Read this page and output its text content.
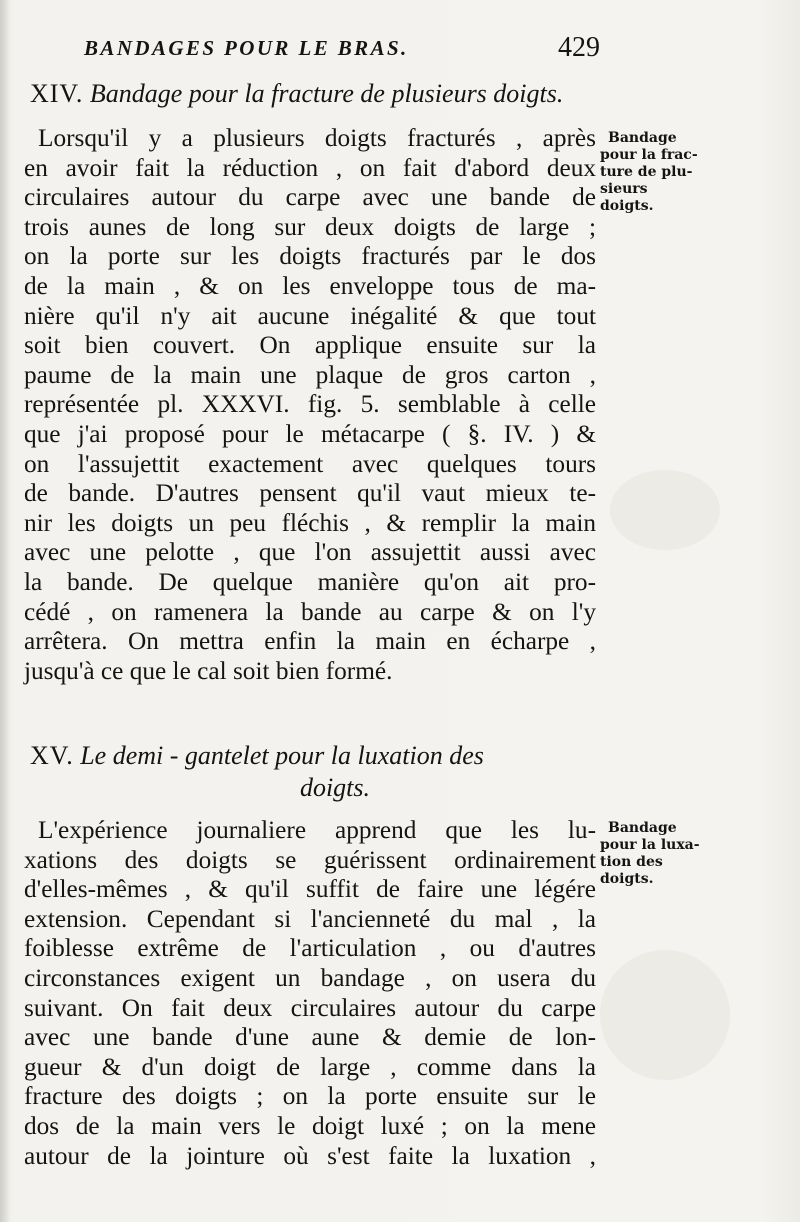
BANDAGES POUR LE BRAS.	429
XIV. Bandage pour la fracture de plusieurs doigts.
Bandage
pour la frac-
ture de plu-
sieurs doigts.
Lorsqu'il y a plusieurs doigts fracturés , après
en avoir fait la réduction , on fait d'abord deux
circulaires autour du carpe avec une bande de
trois aunes de long sur deux doigts de large ;
on la porte sur les doigts fracturés par le dos
de la main , & on les enveloppe tous de ma-
nière qu'il n'y ait aucune inégalité & que tout
soit bien couvert. On applique ensuite sur la
paume de la main une plaque de gros carton ,
représentée pl. XXXVI. fig. 5. semblable à celle
que j'ai proposé pour le métacarpe ( §. IV. ) &
on l'assujettit exactement avec quelques tours
de bande. D'autres pensent qu'il vaut mieux te-
nir les doigts un peu fléchis , & remplir la main
avec une pelotte , que l'on assujettit aussi avec
la bande. De quelque manière qu'on ait pro-
cédé , on ramenera la bande au carpe & on l'y
arrêtera. On mettra enfin la main en écharpe ,
jusqu'à ce que le cal soit bien formé.
XV. Le demi - gantelet pour la luxation des
doigts.
Bandage
pour la luxa-
tion des
doigts.
L'expérience journaliere apprend que les lu-
xations des doigts se guérissent ordinairement
d'elles-mêmes , & qu'il suffit de faire une légére
extension. Cependant si l'ancienneté du mal , la
foiblesse extrême de l'articulation , ou d'autres
circonstances exigent un bandage , on usera du
suivant. On fait deux circulaires autour du carpe
avec une bande d'une aune & demie de lon-
gueur & d'un doigt de large , comme dans la
fracture des doigts ; on la porte ensuite sur le
dos de la main vers le doigt luxé ; on la mene
autour de la jointure où s'est faite la luxation ,
